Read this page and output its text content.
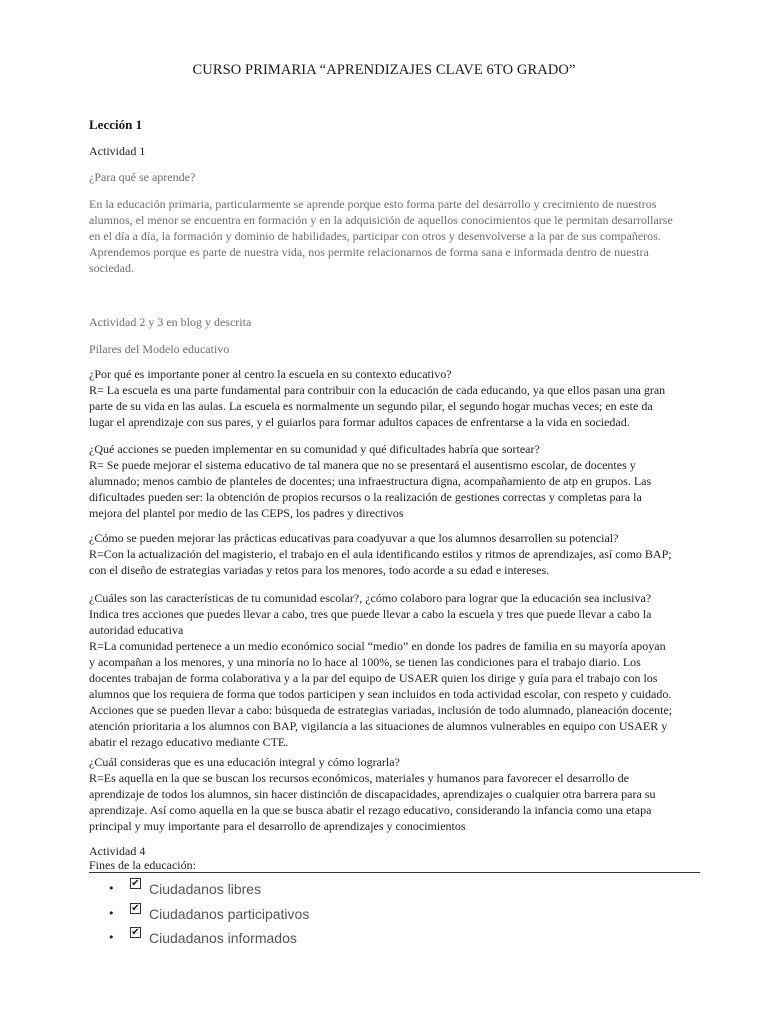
CURSO PRIMARIA “APRENDIZAJES CLAVE 6TO GRADO”
Lección 1
Actividad 1
¿Para qué se aprende?
En la educación primaria, particularmente se aprende porque esto forma parte del desarrollo y crecimiento de nuestros
alumnos, el menor se encuentra en formación y en la adquisición de aquellos conocimientos que le permitan desarrollarse
en el día a día, la formación y dominio de habilidades, participar con otros y desenvolverse a la par de sus compañeros.
Aprendemos porque es parte de nuestra vida, nos permite relacionarnos de forma sana e informada dentro de nuestra
sociedad.
Actividad 2 y 3 en blog y descrita
Pilares del Modelo educativo
¿Por qué es importante poner al centro la escuela en su contexto educativo?
R= La escuela es una parte fundamental para contribuir con la educación de cada educando, ya que ellos pasan una gran
parte de su vida en las aulas. La escuela es normalmente un segundo pilar, el segundo hogar muchas veces; en este da
lugar el aprendizaje con sus pares, y el guiarlos para formar adultos capaces de enfrentarse a la vida en sociedad.
¿Qué acciones se pueden implementar en su comunidad y qué dificultades habría que sortear?
R= Se puede mejorar el sistema educativo de tal manera que no se presentará el ausentismo escolar, de docentes y
alumnado; menos cambio de planteles de docentes; una infraestructura digna, acompañamiento de atp en grupos. Las
dificultades pueden ser: la obtención de propios recursos o la realización de gestiones correctas y completas para la
mejora del plantel por medio de las CEPS, los padres y directivos
¿Cómo se pueden mejorar las prácticas educativas para coadyuvar a que los alumnos desarrollen su potencial?
R=Con la actualización del magisterio, el trabajo en el aula identificando estilos y ritmos de aprendizajes, así como BAP;
con el diseño de estrategias variadas y retos para los menores, todo acorde a su edad e intereses.
¿Cuáles son las características de tu comunidad escolar?, ¿cómo colaboro para lograr que la educación sea inclusiva?
Indica tres acciones que puedes llevar a cabo, tres que puede llevar a cabo la escuela y tres que puede llevar a cabo la
autoridad educativa
R=La comunidad pertenece a un medio económico social “medio” en donde los padres de familia en su mayoría apoyan
y acompañan a los menores, y una minoría no lo hace al 100%, se tienen las condiciones para el trabajo diario. Los
docentes trabajan de forma colaborativa y a la par del equipo de USAER quien los dirige y guía para el trabajo con los
alumnos que los requiera de forma que todos participen y sean incluidos en toda actividad escolar, con respeto y cuidado.
Acciones que se pueden llevar a cabo: búsqueda de estrategias variadas, inclusión de todo alumnado, planeación docente;
atención prioritaria a los alumnos con BAP, vigilancia a las situaciones de alumnos vulnerables en equipo con USAER y
abatir el rezago educativo mediante CTE.
¿Cuál consideras que es una educación integral y cómo lograrla?
R=Es aquella en la que se buscan los recursos económicos, materiales y humanos para favorecer el desarrollo de
aprendizaje de todos los alumnos, sin hacer distinción de discapacidades, aprendizajes o cualquier otra barrera para su
aprendizaje. Así como aquella en la que se busca abatir el rezago educativo, considerando la infancia como una etapa
principal y muy importante para el desarrollo de aprendizajes y conocimientos
Actividad 4
Fines de la educación:
•	✔ Ciudadanos libres
•	✔ Ciudadanos participativos
•	✔ Ciudadanos informados
